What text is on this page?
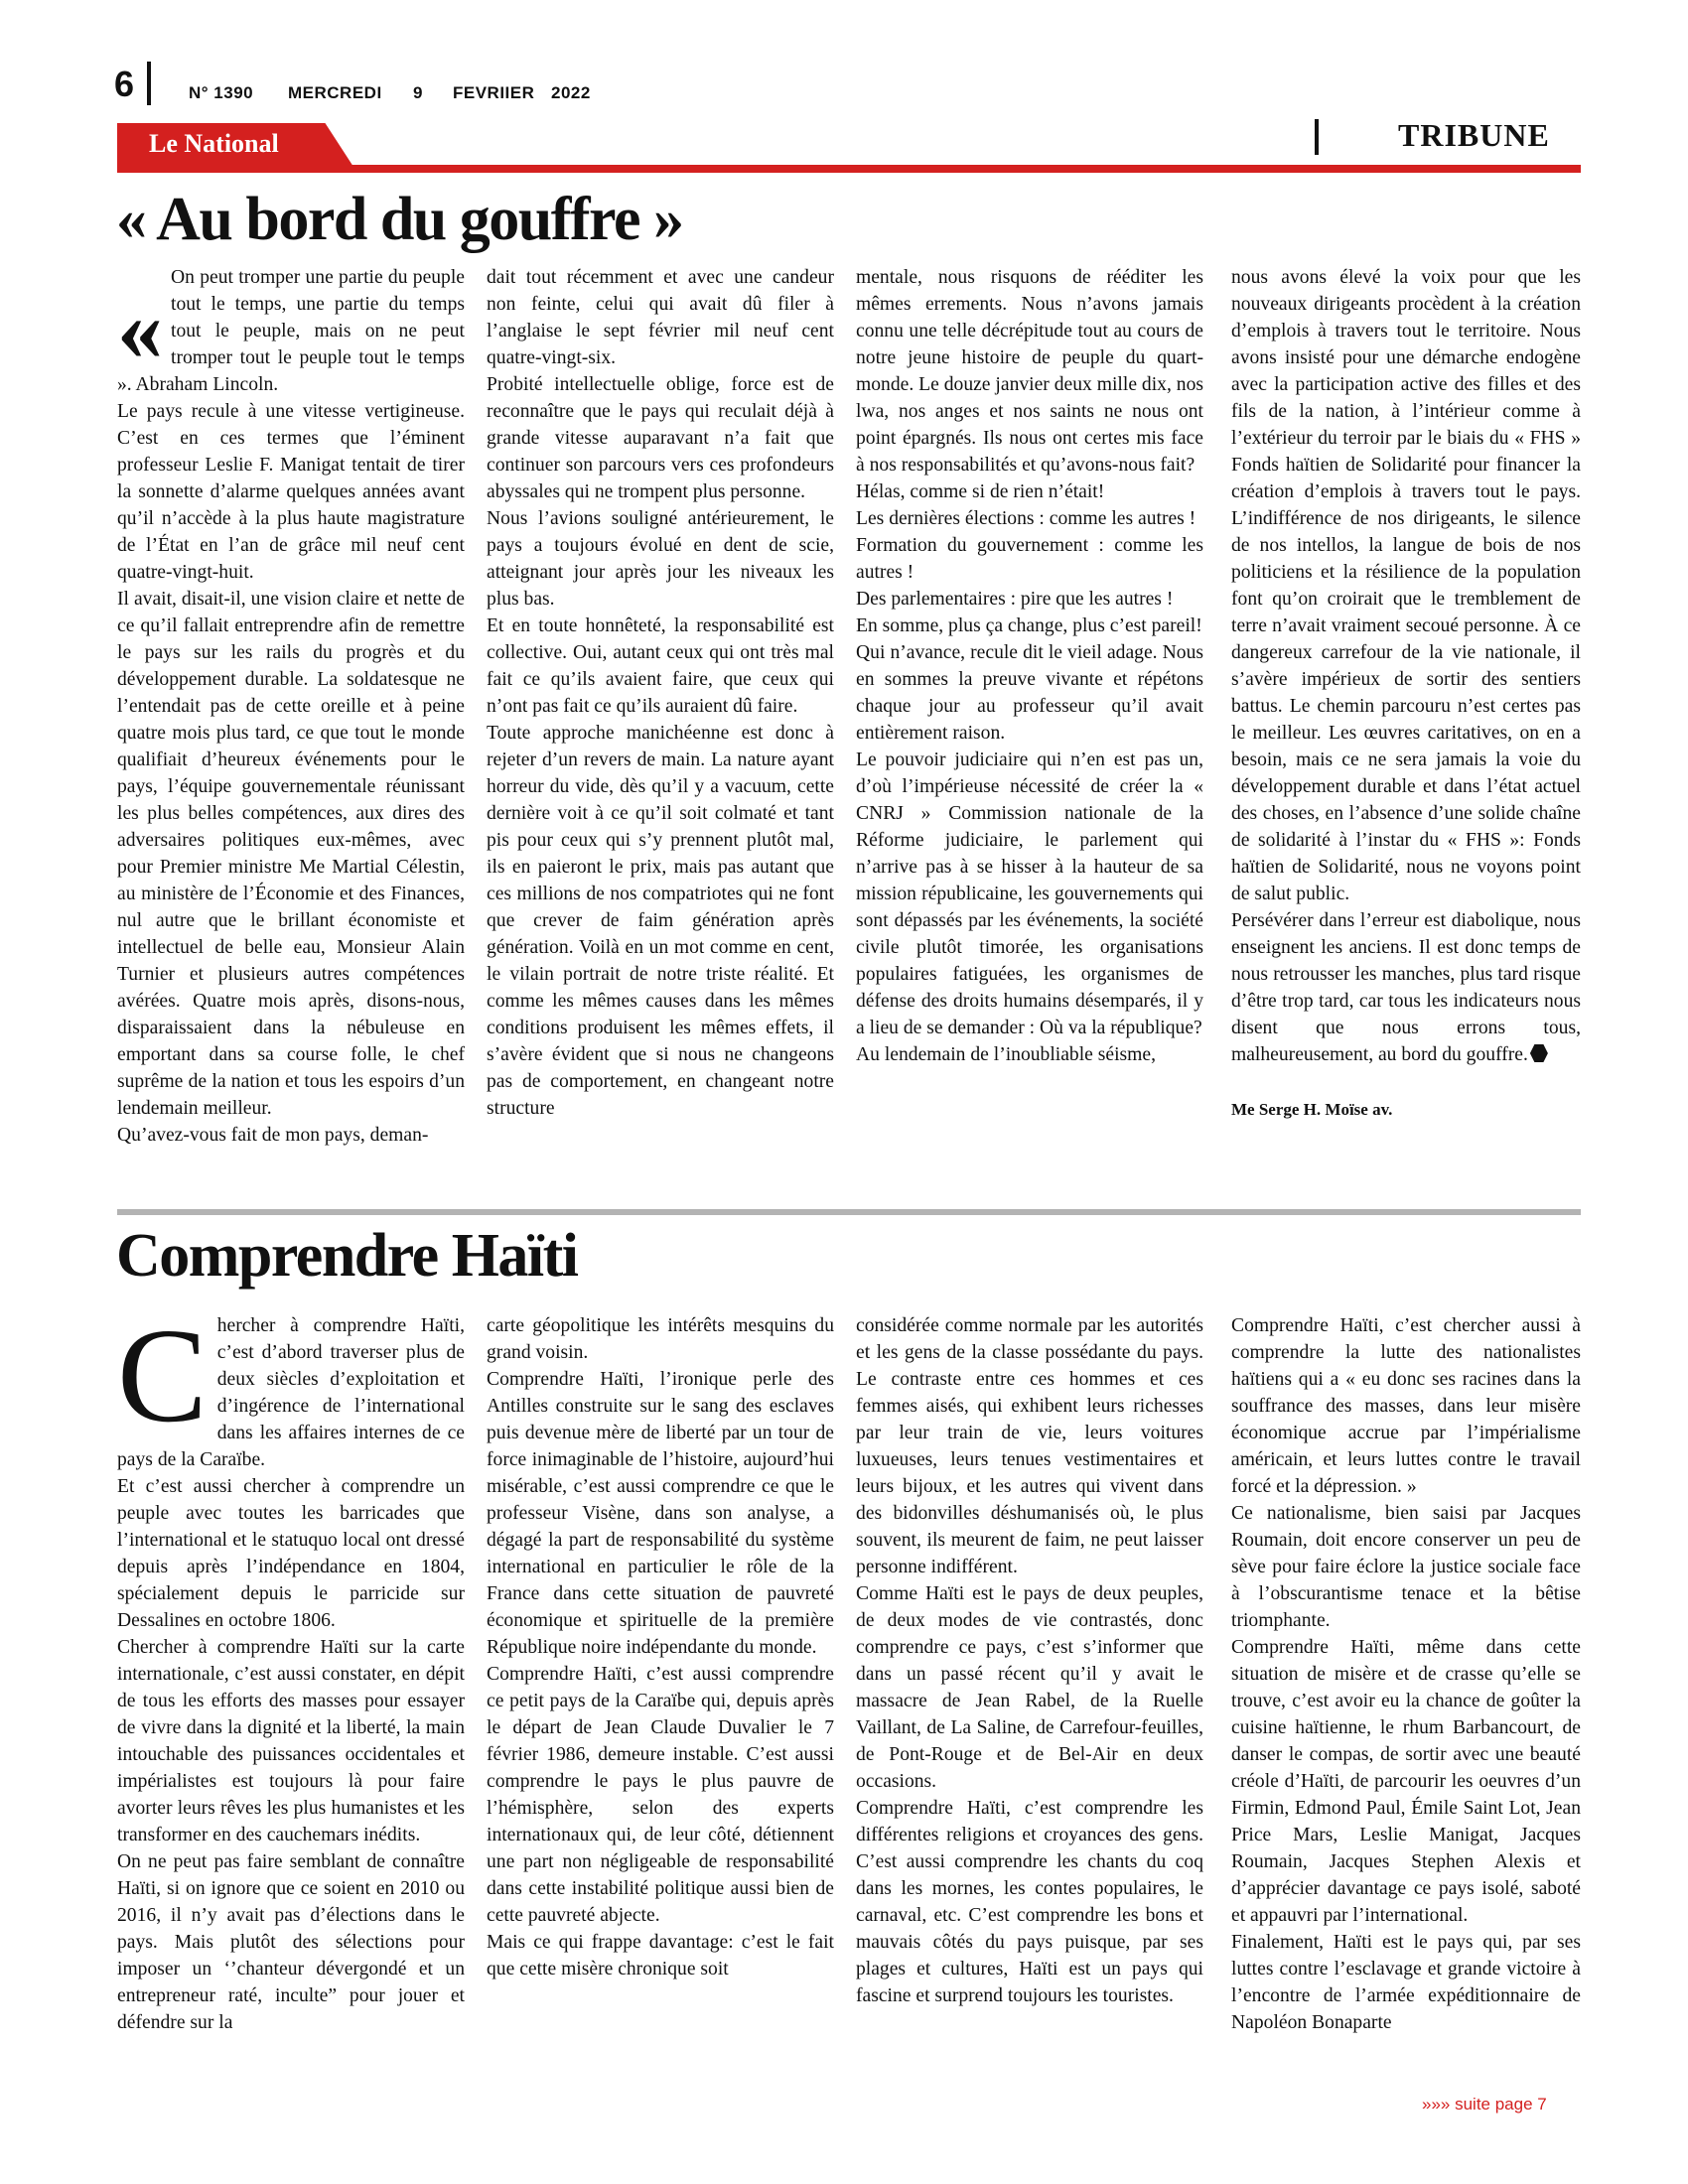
6	N° 1390 MERCREDI 9 FEVRIIER 2022
Le National	TRIBUNE
« Au bord du gouffre »
«

On peut tromper une partie du peuple tout le temps, une partie du temps tout le peuple, mais on ne peut tromper tout le peuple tout le temps ». Abraham Lincoln.

Le pays recule à une vitesse vertigineuse. C’est en ces termes que l’éminent professeur Leslie F. Manigat tentait de tirer la sonnette d’alarme quelques années avant qu’il n’accède à la plus haute magistrature de l’État en l’an de grâce mil neuf cent quatre-vingt-huit.

Il avait, disait-il, une vision claire et nette de ce qu’il fallait entreprendre afin de remettre le pays sur les rails du progrès et du développement durable. La soldatesque ne l’entendait pas de cette oreille et à peine quatre mois plus tard, ce que tout le monde qualifiait d’heureux événements pour le pays, l’équipe gouvernementale réunissant les plus belles compétences, aux dires des adversaires politiques eux-mêmes, avec pour Premier ministre Me Martial Célestin, au ministère de l’Économie et des Finances, nul autre que le brillant économiste et intellectuel de belle eau, Monsieur Alain Turnier et plusieurs autres compétences avérées. Quatre mois après, disons-nous, disparaissaient dans la nébuleuse en emportant dans sa course folle, le chef suprême de la nation et tous les espoirs d’un lendemain meilleur.

Qu’avez-vous fait de mon pays, deman-

dait tout récemment et avec une candeur non feinte, celui qui avait dû filer à l’anglaise le sept février mil neuf cent quatre-vingt-six.

Probité intellectuelle oblige, force est de reconnaître que le pays qui reculait déjà à grande vitesse auparavant n’a fait que continuer son parcours vers ces profondeurs abyssales qui ne trompent plus personne.

Nous l’avions souligné antérieurement, le pays a toujours évolué en dent de scie, atteignant jour après jour les niveaux les plus bas.

Et en toute honnêteté, la responsabilité est collective. Oui, autant ceux qui ont très mal fait ce qu’ils avaient faire, que ceux qui n’ont pas fait ce qu’ils auraient dû faire.

Toute approche manichéenne est donc à rejeter d’un revers de main. La nature ayant horreur du vide, dès qu’il y a vacuum, cette dernière voit à ce qu’il soit colmaté et tant pis pour ceux qui s’y prennent plutôt mal, ils en paieront le prix, mais pas autant que ces millions de nos compatriotes qui ne font que crever de faim génération après génération. Voilà en un mot comme en cent, le vilain portrait de notre triste réalité. Et comme les mêmes causes dans les mêmes conditions produisent les mêmes effets, il s’avère évident que si nous ne changeons pas de comportement, en changeant notre structure

mentale, nous risquons de rééditer les mêmes errements. Nous n’avons jamais connu une telle décrépitude tout au cours de notre jeune histoire de peuple du quart-monde. Le douze janvier deux mille dix, nos lwa, nos anges et nos saints ne nous ont point épargnés. Ils nous ont certes mis face à nos responsabilités et qu’avons-nous fait?

Hélas, comme si de rien n’était!

Les dernières élections : comme les autres !

Formation du gouvernement : comme les autres !

Des parlementaires : pire que les autres !

En somme, plus ça change, plus c’est pareil!

Qui n’avance, recule dit le vieil adage. Nous en sommes la preuve vivante et répétons chaque jour au professeur qu’il avait entièrement raison.

Le pouvoir judiciaire qui n’en est pas un, d’où l’impérieuse nécessité de créer la « CNRJ » Commission nationale de la Réforme judiciaire, le parlement qui n’arrive pas à se hisser à la hauteur de sa mission républicaine, les gouvernements qui sont dépassés par les événements, la société civile plutôt timorée, les organisations populaires fatiguées, les organismes de défense des droits humains désemparés, il y a lieu de se demander : Où va la république?

Au lendemain de l’inoubliable séisme,

nous avons élevé la voix pour que les nouveaux dirigeants procèdent à la création d’emplois à travers tout le territoire. Nous avons insisté pour une démarche endogène avec la participation active des filles et des fils de la nation, à l’intérieur comme à l’extérieur du terroir par le biais du « FHS » Fonds haïtien de Solidarité pour financer la création d’emplois à travers tout le pays. L’indifférence de nos dirigeants, le silence de nos intellos, la langue de bois de nos politiciens et la résilience de la population font qu’on croirait que le tremblement de terre n’avait vraiment secoué personne. À ce dangereux carrefour de la vie nationale, il s’avère impérieux de sortir des sentiers battus. Le chemin parcouru n’est certes pas le meilleur. Les œuvres caritatives, on en a besoin, mais ce ne sera jamais la voie du développement durable et dans l’état actuel des choses, en l’absence d’une solide chaîne de solidarité à l’instar du « FHS »: Fonds haïtien de Solidarité, nous ne voyons point de salut public.

Persévérer dans l’erreur est diabolique, nous enseignent les anciens. Il est donc temps de nous retrousser les manches, plus tard risque d’être trop tard, car tous les indicateurs nous disent que nous errons tous, malheureusement, au bord du gouffre.

Me Serge H. Moïse av.

Comprendre Haïti
C hercher à comprendre Haïti, c’est d’abord traverser plus de deux siècles d’exploitation et d’ingérence de l’international dans les affaires internes de ce pays de la Caraïbe.

Et c’est aussi chercher à comprendre un peuple avec toutes les barricades que l’international et le statuquo local ont dressé depuis après l’indépendance en 1804, spécialement depuis le parricide sur Dessalines en octobre 1806.

Chercher à comprendre Haïti sur la carte internationale, c’est aussi constater, en dépit de tous les efforts des masses pour essayer de vivre dans la dignité et la liberté, la main intouchable des puissances occidentales et impérialistes est toujours là pour faire avorter leurs rêves les plus humanistes et les transformer en des cauchemars inédits.

On ne peut pas faire semblant de connaître Haïti, si on ignore que ce soient en 2010 ou 2016, il n’y avait pas d’élections dans le pays. Mais plutôt des sélections pour imposer un ‘’chanteur dévergondé et un entrepreneur raté, inculte” pour jouer et défendre sur la

carte géopolitique les intérêts mesquins du grand voisin.

Comprendre Haïti, l’ironique perle des Antilles construite sur le sang des esclaves puis devenue mère de liberté par un tour de force inimaginable de l’histoire, aujourd’hui misérable, c’est aussi comprendre ce que le professeur Visène, dans son analyse, a dégagé la part de responsabilité du système international en particulier le rôle de la France dans cette situation de pauvreté économique et spirituelle de la première République noire indépendante du monde.

Comprendre Haïti, c’est aussi comprendre ce petit pays de la Caraïbe qui, depuis après le départ de Jean Claude Duvalier le 7 février 1986, demeure instable. C’est aussi comprendre le pays le plus pauvre de l’hémisphère, selon des experts internationaux qui, de leur côté, détiennent une part non négligeable de responsabilité dans cette instabilité politique aussi bien de cette pauvreté abjecte.

Mais ce qui frappe davantage: c’est le fait que cette misère chronique soit

considérée comme normale par les autorités et les gens de la classe possédante du pays. Le contraste entre ces hommes et ces femmes aisés, qui exhibent leurs richesses par leur train de vie, leurs voitures luxueuses, leurs tenues vestimentaires et leurs bijoux, et les autres qui vivent dans des bidonvilles déshumanisés où, le plus souvent, ils meurent de faim, ne peut laisser personne indifférent.

Comme Haïti est le pays de deux peuples, de deux modes de vie contrastés, donc comprendre ce pays, c’est s’informer que dans un passé récent qu’il y avait le massacre de Jean Rabel, de la Ruelle Vaillant, de La Saline, de Carrefour-feuilles, de Pont-Rouge et de Bel-Air en deux occasions.

Comprendre Haïti, c’est comprendre les différentes religions et croyances des gens. C’est aussi comprendre les chants du coq dans les mornes, les contes populaires, le carnaval, etc. C’est comprendre les bons et mauvais côtés du pays puisque, par ses plages et cultures, Haïti est un pays qui fascine et surprend toujours les touristes.

Comprendre Haïti, c’est chercher aussi à comprendre la lutte des nationalistes haïtiens qui a « eu donc ses racines dans la souffrance des masses, dans leur misère économique accrue par l’impérialisme américain, et leurs luttes contre le travail forcé et la dépression. »

Ce nationalisme, bien saisi par Jacques Roumain, doit encore conserver un peu de sève pour faire éclore la justice sociale face à l’obscurantisme tenace et la bêtise triomphante.

Comprendre Haïti, même dans cette situation de misère et de crasse qu’elle se trouve, c’est avoir eu la chance de goûter la cuisine haïtienne, le rhum Barbancourt, de danser le compas, de sortir avec une beauté créole d’Haïti, de parcourir les oeuvres d’un Firmin, Edmond Paul, Émile Saint Lot, Jean Price Mars, Leslie Manigat, Jacques Roumain, Jacques Stephen Alexis et d’apprécier davantage ce pays isolé, saboté et appauvri par l’international.

Finalement, Haïti est le pays qui, par ses luttes contre l’esclavage et grande victoire à l’encontre de l’armée expéditionnaire de Napoléon Bonaparte

»»» suite page 7
